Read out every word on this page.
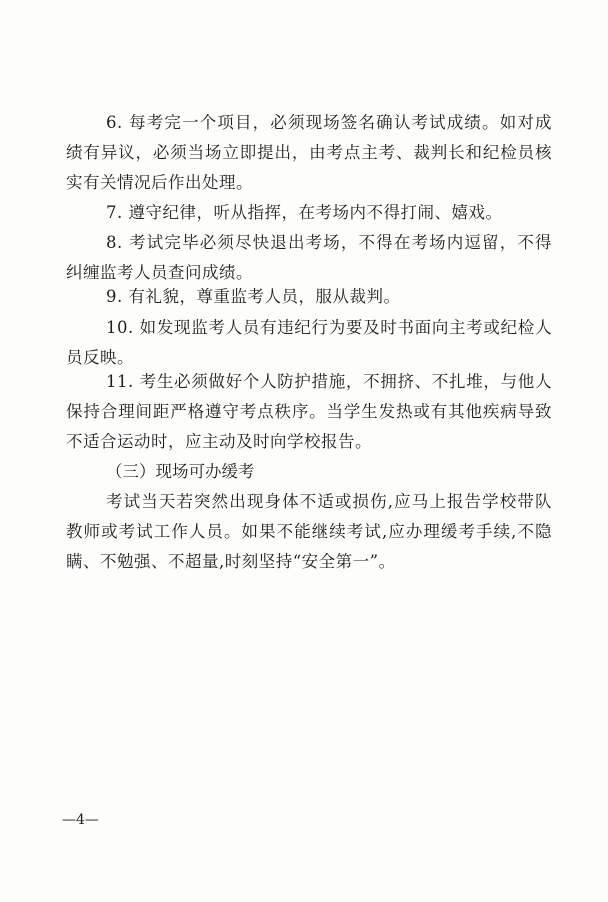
6. 每考完一个项目，必须现场签名确认考试成绩。如对成
绩有异议，必须当场立即提出，由考点主考、裁判长和纪检员核
实有关情况后作出处理。
7. 遵守纪律，听从指挥，在考场内不得打闹、嬉戏。
8. 考试完毕必须尽快退出考场，不得在考场内逗留，不得
纠缠监考人员查问成绩。
9. 有礼貌，尊重监考人员，服从裁判。
10. 如发现监考人员有违纪行为要及时书面向主考或纪检人
员反映。
11. 考生必须做好个人防护措施，不拥挤、不扎堆，与他人
保持合理间距严格遵守考点秩序。当学生发热或有其他疾病导致
不适合运动时，应主动及时向学校报告。
（三）现场可办缓考
考试当天若突然出现身体不适或损伤,应马上报告学校带队
教师或考试工作人员。如果不能继续考试,应办理缓考手续,不隐
瞒、不勉强、不超量,时刻坚持“安全第一”。
—4—
